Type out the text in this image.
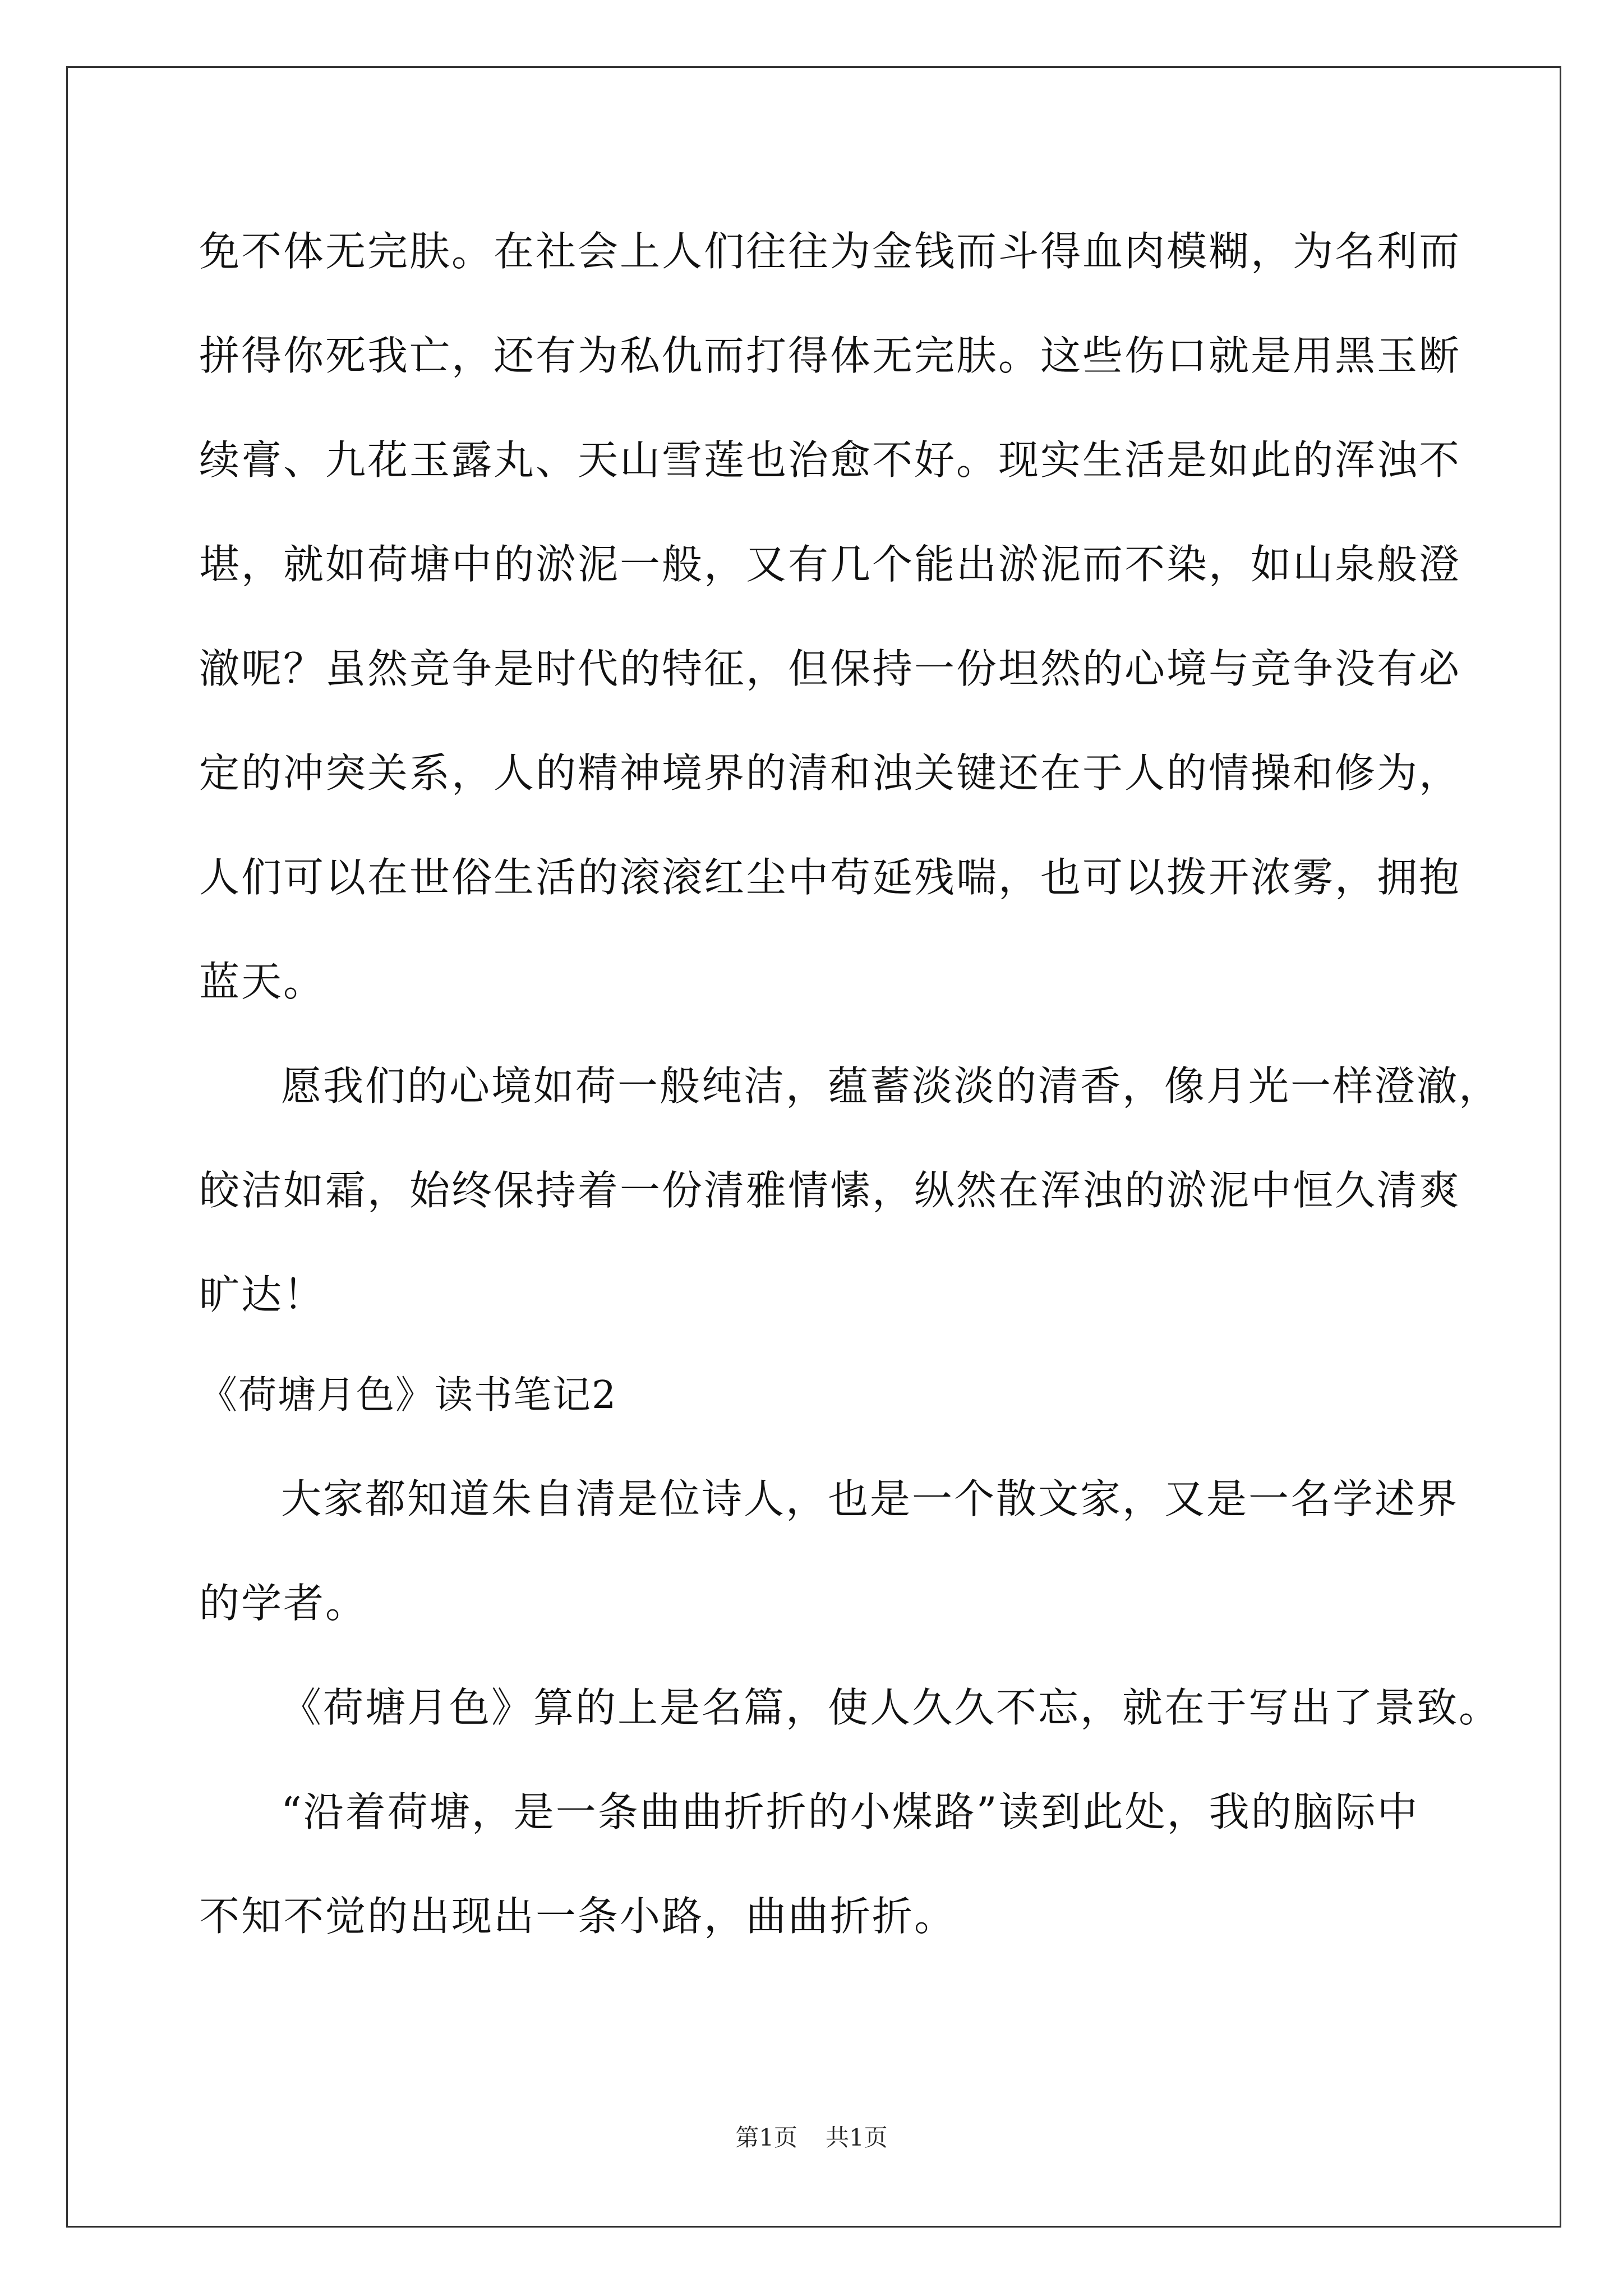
免不体无完肤。在社会上人们往往为金钱而斗得血肉模糊，为名利而
拼得你死我亡，还有为私仇而打得体无完肤。这些伤口就是用黑玉断
续膏、九花玉露丸、天山雪莲也治愈不好。现实生活是如此的浑浊不
堪，就如荷塘中的淤泥一般，又有几个能出淤泥而不染，如山泉般澄
澈呢？虽然竞争是时代的特征，但保持一份坦然的心境与竞争没有必
定的冲突关系，人的精神境界的清和浊关键还在于人的情操和修为，
人们可以在世俗生活的滚滚红尘中苟延残喘，也可以拨开浓雾，拥抱
蓝天。
愿我们的心境如荷一般纯洁，蕴蓄淡淡的清香，像月光一样澄澈，
皎洁如霜，始终保持着一份清雅情愫，纵然在浑浊的淤泥中恒久清爽
旷达！
《荷塘月色》读书笔记2
大家都知道朱自清是位诗人，也是一个散文家，又是一名学述界
的学者。
《荷塘月色》算的上是名篇，使人久久不忘，就在于写出了景致。
“沿着荷塘，是一条曲曲折折的小煤路”读到此处，我的脑际中
不知不觉的出现出一条小路，曲曲折折。
第1页 共1页
